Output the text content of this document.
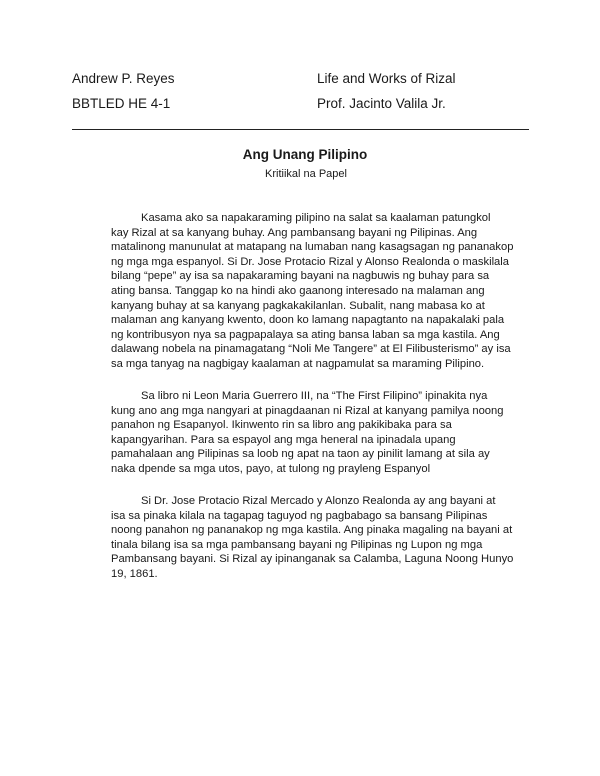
Andrew P. Reyes
BBTLED HE 4-1
Life and Works of Rizal
Prof. Jacinto Valila Jr.
Ang Unang Pilipino
Kritiikal na Papel
Kasama ako sa napakaraming pilipino na salat sa kaalaman patungkol
kay Rizal at sa kanyang buhay. Ang pambansang bayani ng Pilipinas. Ang
matalinong manunulat at matapang na lumaban nang kasagsagan ng pananakop
ng mga mga espanyol. Si Dr. Jose Protacio Rizal y Alonso Realonda o maskilala
bilang “pepe” ay isa sa napakaraming bayani na nagbuwis ng buhay para sa
ating bansa. Tanggap ko na hindi ako gaanong interesado na malaman ang
kanyang buhay at sa kanyang pagkakakilanlan. Subalit, nang mabasa ko at
malaman ang kanyang kwento, doon ko lamang napagtanto na napakalaki pala
ng kontribusyon nya sa pagpapalaya sa ating bansa laban sa mga kastila. Ang
dalawang nobela na pinamagatang “Noli Me Tangere” at El Filibusterismo” ay isa
sa mga tanyag na nagbigay kaalaman at nagpamulat sa maraming Pilipino.
Sa libro ni Leon Maria Guerrero III, na “The First Filipino” ipinakita nya
kung ano ang mga nangyari at pinagdaanan ni Rizal at kanyang pamilya noong
panahon ng Esapanyol. Ikinwento rin sa libro ang pakikibaka para sa
kapangyarihan. Para sa espayol ang mga heneral na ipinadala upang
pamahalaan ang Pilipinas sa loob ng apat na taon ay pinilit lamang at sila ay
naka dpende sa mga utos, payo, at tulong ng prayleng Espanyol
Si Dr. Jose Protacio Rizal Mercado y Alonzo Realonda ay ang bayani at
isa sa pinaka kilala na tagapag taguyod ng pagbabago sa bansang Pilipinas
noong panahon ng pananakop ng mga kastila. Ang pinaka magaling na bayani at
tinala bilang isa sa mga pambansang bayani ng Pilipinas ng Lupon ng mga
Pambansang bayani. Si Rizal ay ipinanganak sa Calamba, Laguna Noong Hunyo
19, 1861.
